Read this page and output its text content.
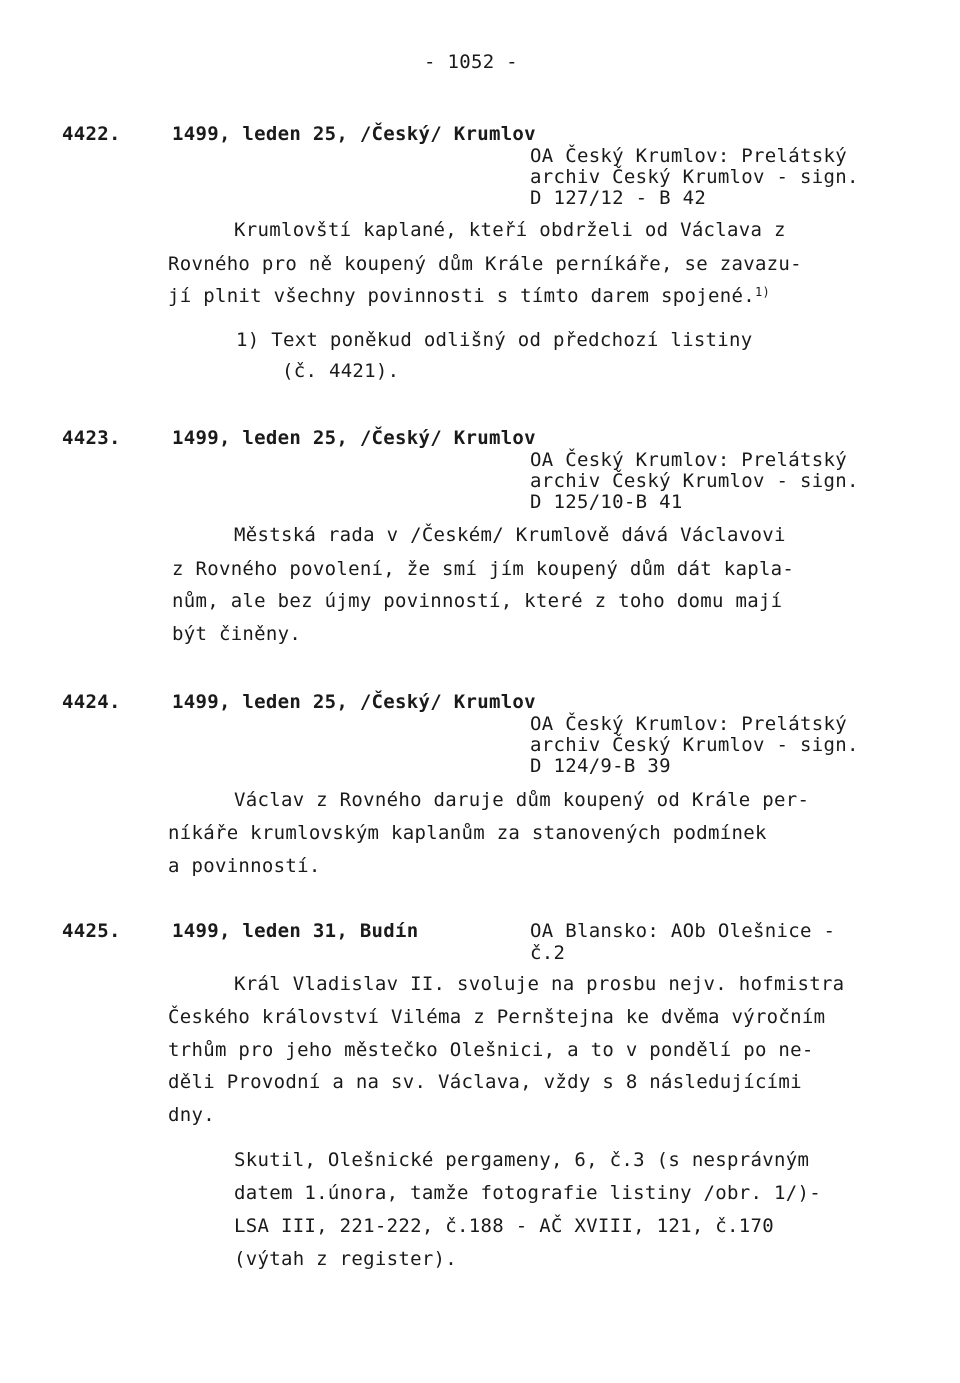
- 1052 -
4422.	1499, leden 25, /Český/ Krumlov
OA Český Krumlov: Prelátský
archiv Český Krumlov - sign.
D 127/12 - B 42
Krumlovští kaplané, kteří obdrželi od Václava z
Rovného pro ně koupený dům Krále perníkáře, se zavazu-
jí plnit všechny povinnosti s tímto darem spojené.$^{1)}$
1) Text poněkud odlišný od předchozí listiny
(č. 4421).
4423.	1499, leden 25, /Český/ Krumlov
OA Český Krumlov: Prelátský
archiv Český Krumlov - sign.
D 125/10-B 41
Městská rada v /Českém/ Krumlově dává Václavovi
z Rovného povolení, že smí jím koupený dům dát kapla-
nům, ale bez újmy povinností, které z toho domu mají
být činěny.
4424.	1499, leden 25, /Český/ Krumlov
OA Český Krumlov: Prelátský
archiv Český Krumlov - sign.
D 124/9-B 39
Václav z Rovného daruje dům koupený od Krále per-
níkáře krumlovským kaplanům za stanovených podmínek
a povinností.
4425.	1499, leden 31, Budín	OA Blansko: AOb Olešnice -
č.2
Král Vladislav II. svoluje na prosbu nejv. hofmistra
Českého království Viléma z Pernštejna ke dvěma výročním
trhům pro jeho městečko Olešnici, a to v pondělí po ne-
děli Provodní a na sv. Václava, vždy s 8 následujícími
dny.
Skutil, Olešnické pergameny, 6, č.3 (s nesprávným
datem 1.února, tamže fotografie listiny /obr. 1/)-
LSA III, 221-222, č.188 - AČ XVIII, 121, č.170
(výtah z register).
